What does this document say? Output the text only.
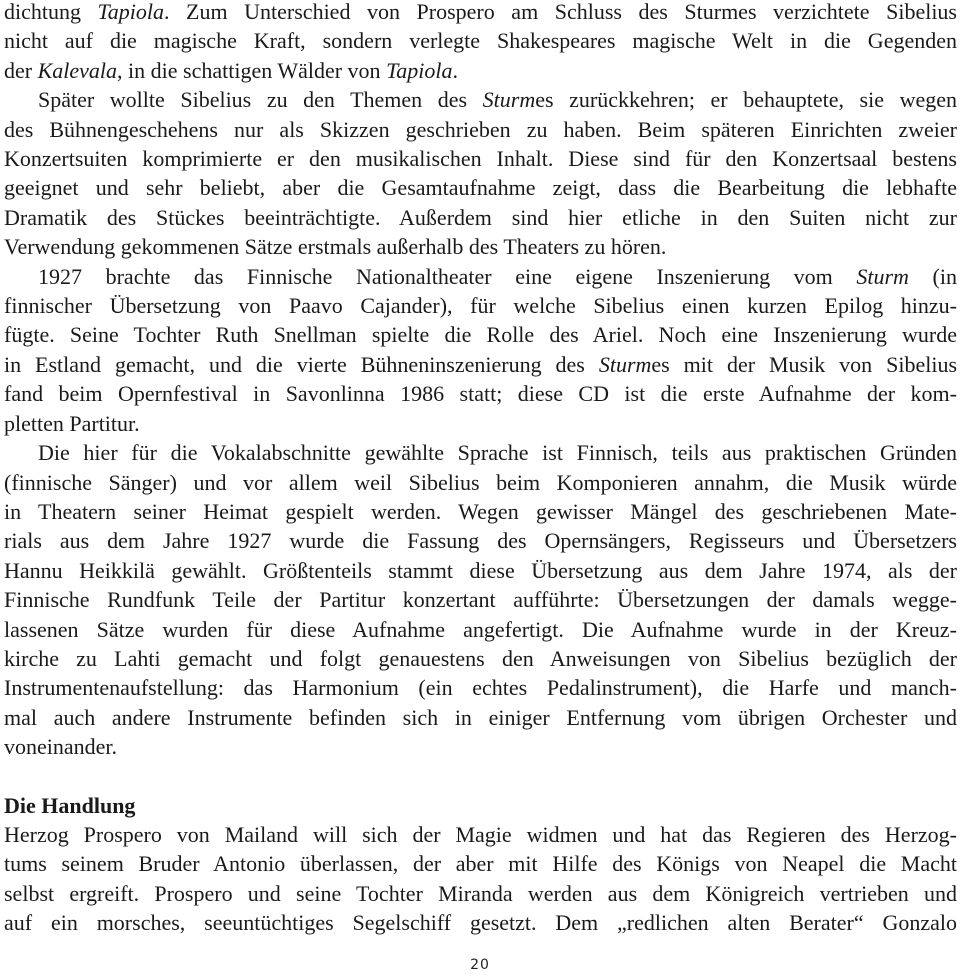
dichtung Tapiola. Zum Unterschied von Prospero am Schluss des Sturmes verzichtete Sibelius
nicht auf die magische Kraft, sondern verlegte Shakespeares magische Welt in die Gegenden
der Kalevala, in die schattigen Wälder von Tapiola.

Später wollte Sibelius zu den Themen des Sturmes zurückkehren; er behauptete, sie wegen
des Bühnengeschehens nur als Skizzen geschrieben zu haben. Beim späteren Einrichten zweier
Konzertsuiten komprimierte er den musikalischen Inhalt. Diese sind für den Konzertsaal bestens
geeignet und sehr beliebt, aber die Gesamtaufnahme zeigt, dass die Bearbeitung die lebhafte
Dramatik des Stückes beeinträchtigte. Außerdem sind hier etliche in den Suiten nicht zur
Verwendung gekommenen Sätze erstmals außerhalb des Theaters zu hören.

1927 brachte das Finnische Nationaltheater eine eigene Inszenierung vom Sturm (in
finnischer Übersetzung von Paavo Cajander), für welche Sibelius einen kurzen Epilog hinzu-
fügte. Seine Tochter Ruth Snellman spielte die Rolle des Ariel. Noch eine Inszenierung wurde
in Estland gemacht, und die vierte Bühneninszenierung des Sturmes mit der Musik von Sibelius
fand beim Opernfestival in Savonlinna 1986 statt; diese CD ist die erste Aufnahme der kom-
pletten Partitur.

Die hier für die Vokalabschnitte gewählte Sprache ist Finnisch, teils aus praktischen Gründen
(finnische Sänger) und vor allem weil Sibelius beim Komponieren annahm, die Musik würde
in Theatern seiner Heimat gespielt werden. Wegen gewisser Mängel des geschriebenen Mate-
rials aus dem Jahre 1927 wurde die Fassung des Opernsängers, Regisseurs und Übersetzers
Hannu Heikkilä gewählt. Größtenteils stammt diese Übersetzung aus dem Jahre 1974, als der
Finnische Rundfunk Teile der Partitur konzertant aufführte: Übersetzungen der damals wegge-
lassenen Sätze wurden für diese Aufnahme angefertigt. Die Aufnahme wurde in der Kreuz-
kirche zu Lahti gemacht und folgt genauestens den Anweisungen von Sibelius bezüglich der
Instrumentenaufstellung: das Harmonium (ein echtes Pedalinstrument), die Harfe und manch-
mal auch andere Instrumente befinden sich in einiger Entfernung vom übrigen Orchester und
voneinander.

Die Handlung

Herzog Prospero von Mailand will sich der Magie widmen und hat das Regieren des Herzog-
tums seinem Bruder Antonio überlassen, der aber mit Hilfe des Königs von Neapel die Macht
selbst ergreift. Prospero und seine Tochter Miranda werden aus dem Königreich vertrieben und
auf ein morsches, seeuntüchtiges Segelschiff gesetzt. Dem „redlichen alten Berater“ Gonzalo

20
